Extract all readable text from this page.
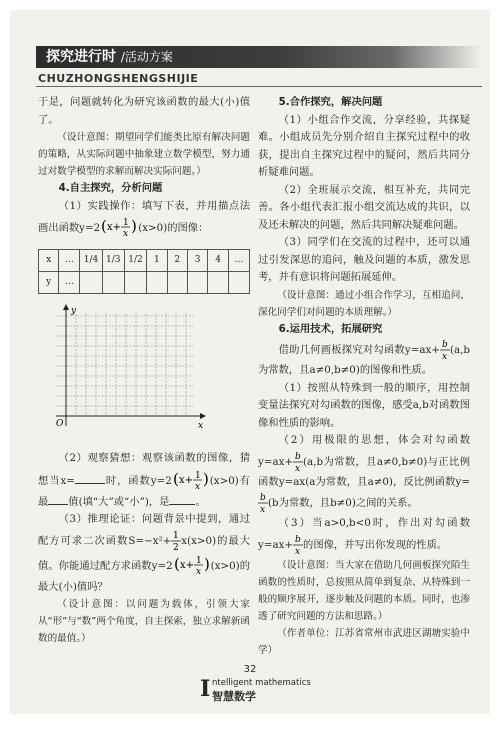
探究进行时 /活动方案
CHUZHONGSHENGSHIJIE

于是，问题就转化为研究该函数的最大(小)值了。

（设计意图：期望同学们能类比原有解决问题的策略，从实际问题中抽象建立数学模型，努力通过对数学模型的求解而解决实际问题。）

4.自主探究，分析问题

（1）实践操作：填写下表，并用描点法画出函数y=2 ( x+ 1
x ) (x>0)的图像：

x	…	1/4	1/3	1/2	1	2	3	4	…
y	…								
y
x
O

（2）观察猜想：观察该函数的图像，猜想当x=	时，函数y=2 ( x+ 1
x ) (x>0)有最 值(填“大”或“小”)，是	。

（3）推理论证：问题背景中提到，通过配方可求二次函数S=−x²+ 1
2
x(x>0)的最大值。你能通过配方求函数y=2 ( x+ 1
x ) (x>0)的最大(小)值吗？

（设计意图：以问题为载体，引领大家从“形”与“数”两个角度，自主探索，独立求解新函数的最值。）

5.合作探究，解决问题

（1）小组合作交流，分享经验，共探疑难。小组成员先分别介绍自主探究过程中的收获，提出自主探究过程中的疑问，然后共同分析疑难问题。

（2）全班展示交流，相互补充，共同完善。各小组代表汇报小组交流达成的共识，以及还未解决的问题，然后共同解决疑难问题。

（3）同学们在交流的过程中，还可以通过引发深思的追问，触及问题的本质，激发思考，并有意识将问题拓展延伸。

（设计意图：通过小组合作学习，互相追问，深化同学们对问题的本质理解。）

6.运用技术，拓展研究

借助几何画板探究对勾函数y=ax+ b
x
(a,b为常数，且a≠0,b≠0)的图像和性质。

（1）按照从特殊到一般的顺序，用控制变量法探究对勾函数的图像，感受a,b对函数图像和性质的影响。

（2）用极限的思想，体会对勾函数y=ax+ b
x
(a,b为常数，且a≠0,b≠0)与正比例函数y=ax(a为常数，且a≠0)，反比例函数y=
b
x
(b为常数，且b≠0)之间的关系。

（3）当a>0,b<0时，作出对勾函数y=ax+ b
x
的图像，并写出你发现的性质。

（设计意图：当大家在借助几何画板探究陌生函数的性质时，总按照从简单到复杂、从特殊到一般的顺序展开，逐步触及问题的本质。同时，也渗透了研究问题的方法和思路。）

（作者单位：江苏省常州市武进区湖塘实验中学）

32
I ntelligent mathematics
智慧数学
